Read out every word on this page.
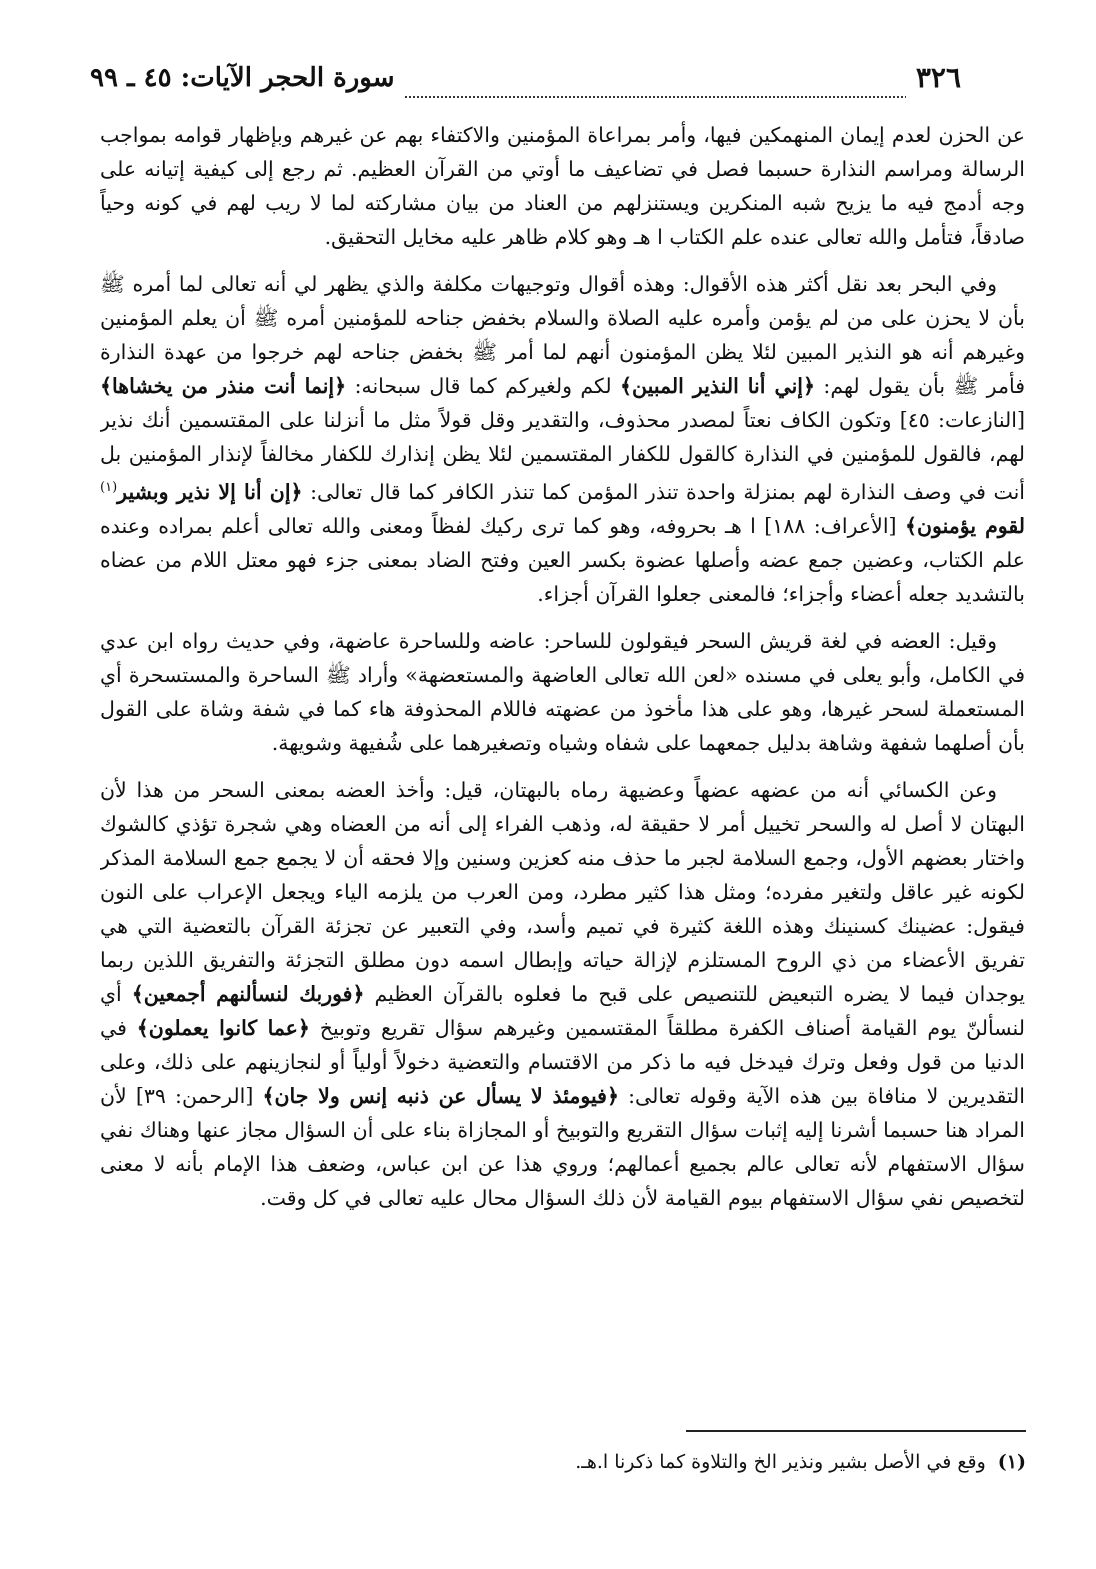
٣٢٦
سورة الحجر الآيات: ٤٥ ـ ٩٩

عن الحزن لعدم إيمان المنهمكين فيها، وأمر بمراعاة المؤمنين والاكتفاء بهم عن غيرهم وبإظهار قوامه بمواجب الرسالة ومراسم النذارة حسبما فصل في تضاعيف ما أوتي من القرآن العظيم. ثم رجع إلى كيفية إتيانه على وجه أدمج فيه ما يزيح شبه المنكرين ويستنزلهم من العناد من بيان مشاركته لما لا ريب لهم في كونه وحياً صادقاً، فتأمل والله تعالى عنده علم الكتاب ا هـ وهو كلام ظاهر عليه مخايل التحقيق.

وفي البحر بعد نقل أكثر هذه الأقوال: وهذه أقوال وتوجيهات مكلفة والذي يظهر لي أنه تعالى لما أمره ﷺ بأن لا يحزن على من لم يؤمن وأمره عليه الصلاة والسلام بخفض جناحه للمؤمنين أمره ﷺ أن يعلم المؤمنين وغيرهم أنه هو النذير المبين لئلا يظن المؤمنون أنهم لما أمر ﷺ بخفض جناحه لهم خرجوا من عهدة النذارة فأمر ﷺ بأن يقول لهم: ﴿إني أنا النذير المبين﴾ لكم ولغيركم كما قال سبحانه: ﴿إنما أنت منذر من يخشاها﴾ [النازعات: ٤٥] وتكون الكاف نعتاً لمصدر محذوف، والتقدير وقل قولاً مثل ما أنزلنا على المقتسمين أنك نذير لهم، فالقول للمؤمنين في النذارة كالقول للكفار المقتسمين لئلا يظن إنذارك للكفار مخالفاً لإنذار المؤمنين بل أنت في وصف النذارة لهم بمنزلة واحدة تنذر المؤمن كما تنذر الكافر كما قال تعالى: ﴿إن أنا إلا نذير وبشير$^{(١)}$ لقوم يؤمنون﴾ [الأعراف: ١٨٨] ا هـ بحروفه، وهو كما ترى ركيك لفظاً ومعنى والله تعالى أعلم بمراده وعنده علم الكتاب، وعضين جمع عضه وأصلها عضوة بكسر العين وفتح الضاد بمعنى جزء فهو معتل اللام من عضاه بالتشديد جعله أعضاء وأجزاء؛ فالمعنى جعلوا القرآن أجزاء.

وقيل: العضه في لغة قريش السحر فيقولون للساحر: عاضه وللساحرة عاضهة، وفي حديث رواه ابن عدي في الكامل، وأبو يعلى في مسنده «لعن الله تعالى العاضهة والمستعضهة» وأراد ﷺ الساحرة والمستسحرة أي المستعملة لسحر غيرها، وهو على هذا مأخوذ من عضهته فاللام المحذوفة هاء كما في شفة وشاة على القول بأن أصلهما شفهة وشاهة بدليل جمعهما على شفاه وشياه وتصغيرهما على شُفيهة وشويهة.

وعن الكسائي أنه من عضهه عضهاً وعضيهة رماه بالبهتان، قيل: وأخذ العضه بمعنى السحر من هذا لأن البهتان لا أصل له والسحر تخييل أمر لا حقيقة له، وذهب الفراء إلى أنه من العضاه وهي شجرة تؤذي كالشوك واختار بعضهم الأول، وجمع السلامة لجبر ما حذف منه كعزين وسنين وإلا فحقه أن لا يجمع جمع السلامة المذكر لكونه غير عاقل ولتغير مفرده؛ ومثل هذا كثير مطرد، ومن العرب من يلزمه الياء ويجعل الإعراب على النون فيقول: عضينك كسنينك وهذه اللغة كثيرة في تميم وأسد، وفي التعبير عن تجزئة القرآن بالتعضية التي هي تفريق الأعضاء من ذي الروح المستلزم لإزالة حياته وإبطال اسمه دون مطلق التجزئة والتفريق اللذين ربما يوجدان فيما لا يضره التبعيض للتنصيص على قبح ما فعلوه بالقرآن العظيم ﴿فوربك لنسألنهم أجمعين﴾ أي لنسألنّ يوم القيامة أصناف الكفرة مطلقاً المقتسمين وغيرهم سؤال تقريع وتوبيخ ﴿عما كانوا يعملون﴾ في الدنيا من قول وفعل وترك فيدخل فيه ما ذكر من الاقتسام والتعضية دخولاً أولياً أو لنجازينهم على ذلك، وعلى التقديرين لا منافاة بين هذه الآية وقوله تعالى: ﴿فيومئذ لا يسأل عن ذنبه إنس ولا جان﴾ [الرحمن: ٣٩] لأن المراد هنا حسبما أشرنا إليه إثبات سؤال التقريع والتوبيخ أو المجازاة بناء على أن السؤال مجاز عنها وهناك نفي سؤال الاستفهام لأنه تعالى عالم بجميع أعمالهم؛ وروي هذا عن ابن عباس، وضعف هذا الإمام بأنه لا معنى لتخصيص نفي سؤال الاستفهام بيوم القيامة لأن ذلك السؤال محال عليه تعالى في كل وقت.

(١)وقع في الأصل بشير ونذير الخ والتلاوة كما ذكرنا ا.هـ.
